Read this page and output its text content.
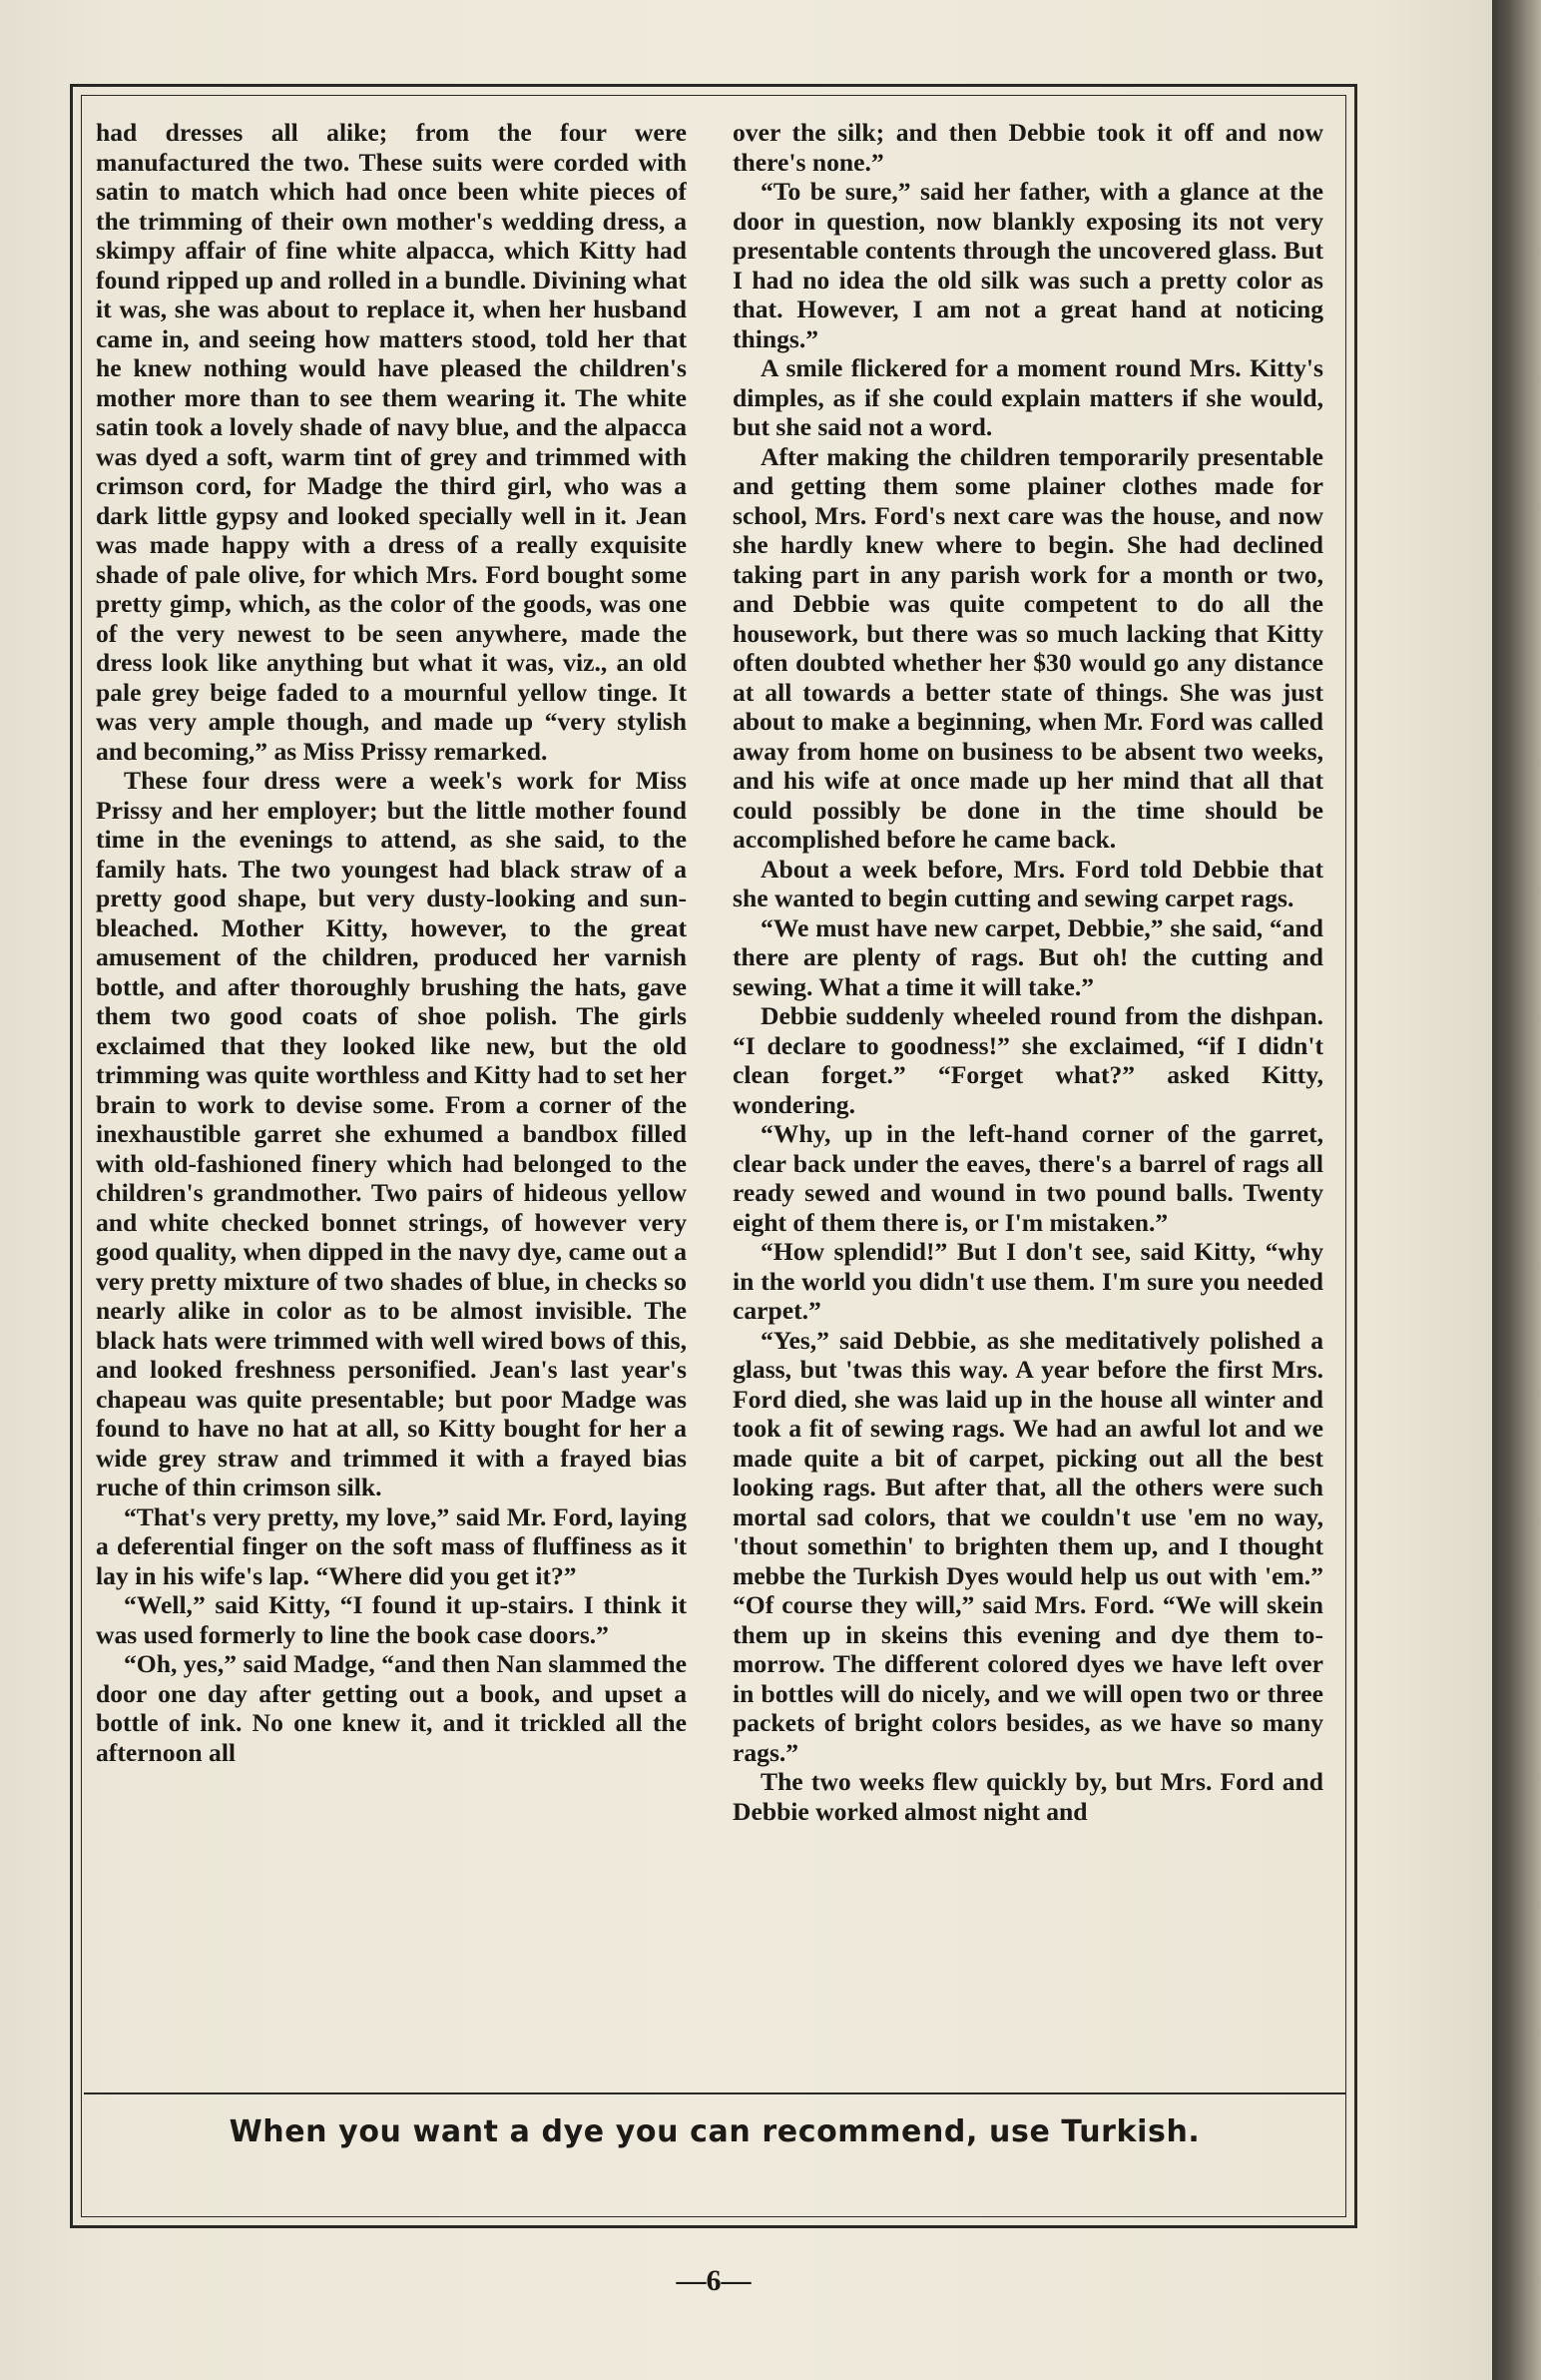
had dresses all alike; from the four were manufactured the two. These suits were corded with satin to match which had once been white pieces of the trimming of their own mother's wedding dress, a skimpy affair of fine white alpacca, which Kitty had found ripped up and rolled in a bundle. Divining what it was, she was about to replace it, when her husband came in, and seeing how matters stood, told her that he knew nothing would have pleased the children's mother more than to see them wearing it. The white satin took a lovely shade of navy blue, and the alpacca was dyed a soft, warm tint of grey and trimmed with crimson cord, for Madge the third girl, who was a dark little gypsy and looked specially well in it. Jean was made happy with a dress of a really exquisite shade of pale olive, for which Mrs. Ford bought some pretty gimp, which, as the color of the goods, was one of the very newest to be seen anywhere, made the dress look like anything but what it was, viz., an old pale grey beige faded to a mournful yellow tinge. It was very ample though, and made up “very stylish and becoming,” as Miss Prissy remarked.

These four dress were a week's work for Miss Prissy and her employer; but the little mother found time in the evenings to attend, as she said, to the family hats. The two youngest had black straw of a pretty good shape, but very dusty-looking and sun-bleached. Mother Kitty, however, to the great amusement of the children, produced her varnish bottle, and after thoroughly brushing the hats, gave them two good coats of shoe polish. The girls exclaimed that they looked like new, but the old trimming was quite worthless and Kitty had to set her brain to work to devise some. From a corner of the inexhaustible garret she exhumed a bandbox filled with old-fashioned finery which had belonged to the children's grandmother. Two pairs of hideous yellow and white checked bonnet strings, of however very good quality, when dipped in the navy dye, came out a very pretty mixture of two shades of blue, in checks so nearly alike in color as to be almost invisible. The black hats were trimmed with well wired bows of this, and looked freshness personified. Jean's last year's chapeau was quite presentable; but poor Madge was found to have no hat at all, so Kitty bought for her a wide grey straw and trimmed it with a frayed bias ruche of thin crimson silk.

“That's very pretty, my love,” said Mr. Ford, laying a deferential finger on the soft mass of fluffiness as it lay in his wife's lap. “Where did you get it?”

“Well,” said Kitty, “I found it up-stairs. I think it was used formerly to line the book case doors.”

“Oh, yes,” said Madge, “and then Nan slammed the door one day after getting out a book, and upset a bottle of ink. No one knew it, and it trickled all the afternoon all

over the silk; and then Debbie took it off and now there's none.”

“To be sure,” said her father, with a glance at the door in question, now blankly exposing its not very presentable contents through the uncovered glass. But I had no idea the old silk was such a pretty color as that. However, I am not a great hand at noticing things.”

A smile flickered for a moment round Mrs. Kitty's dimples, as if she could explain matters if she would, but she said not a word.

After making the children temporarily presentable and getting them some plainer clothes made for school, Mrs. Ford's next care was the house, and now she hardly knew where to begin. She had declined taking part in any parish work for a month or two, and Debbie was quite competent to do all the housework, but there was so much lacking that Kitty often doubted whether her $30 would go any distance at all towards a better state of things. She was just about to make a beginning, when Mr. Ford was called away from home on business to be absent two weeks, and his wife at once made up her mind that all that could possibly be done in the time should be accomplished before he came back.

About a week before, Mrs. Ford told Debbie that she wanted to begin cutting and sewing carpet rags.

“We must have new carpet, Debbie,” she said, “and there are plenty of rags. But oh! the cutting and sewing. What a time it will take.”

Debbie suddenly wheeled round from the dishpan. “I declare to goodness!” she exclaimed, “if I didn't clean forget.” “Forget what?” asked Kitty, wondering.

“Why, up in the left-hand corner of the garret, clear back under the eaves, there's a barrel of rags all ready sewed and wound in two pound balls. Twenty eight of them there is, or I'm mistaken.”

“How splendid!” But I don't see, said Kitty, “why in the world you didn't use them. I'm sure you needed carpet.”

“Yes,” said Debbie, as she meditatively polished a glass, but 'twas this way. A year before the first Mrs. Ford died, she was laid up in the house all winter and took a fit of sewing rags. We had an awful lot and we made quite a bit of carpet, picking out all the best looking rags. But after that, all the others were such mortal sad colors, that we couldn't use 'em no way, 'thout somethin' to brighten them up, and I thought mebbe the Turkish Dyes would help us out with 'em.” “Of course they will,” said Mrs. Ford. “We will skein them up in skeins this evening and dye them to-morrow. The different colored dyes we have left over in bottles will do nicely, and we will open two or three packets of bright colors besides, as we have so many rags.”

The two weeks flew quickly by, but Mrs. Ford and Debbie worked almost night and

When you want a dye you can recommend, use Turkish.
—6—
